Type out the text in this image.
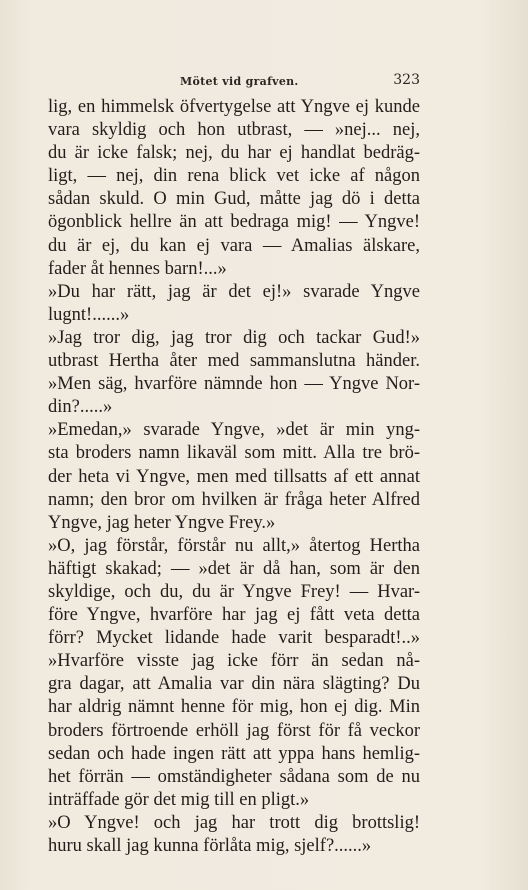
Mötet vid grafven.	323
lig, en himmelsk öfvertygelse att Yngve ej kunde
vara skyldig och hon utbrast, — »nej... nej,
du är icke falsk; nej, du har ej handlat bedräg-
ligt, — nej, din rena blick vet icke af någon
sådan skuld. O min Gud, måtte jag dö i detta
ögonblick hellre än att bedraga mig! — Yngve!
du är ej, du kan ej vara — Amalias älskare,
fader åt hennes barn!...»
»Du har rätt, jag är det ej!» svarade Yngve
lugnt!......»
»Jag tror dig, jag tror dig och tackar Gud!»
utbrast Hertha åter med sammanslutna händer.
»Men säg, hvarföre nämnde hon — Yngve Nor-
din?.....»
»Emedan,» svarade Yngve, »det är min yng-
sta broders namn likaväl som mitt. Alla tre brö-
der heta vi Yngve, men med tillsatts af ett annat
namn; den bror om hvilken är fråga heter Alfred
Yngve, jag heter Yngve Frey.»
»O, jag förstår, förstår nu allt,» återtog Hertha
häftigt skakad; — »det är då han, som är den
skyldige, och du, du är Yngve Frey! — Hvar-
före Yngve, hvarföre har jag ej fått veta detta
förr? Mycket lidande hade varit besparadt!..»
»Hvarföre visste jag icke förr än sedan nå-
gra dagar, att Amalia var din nära slägting? Du
har aldrig nämnt henne för mig, hon ej dig. Min
broders förtroende erhöll jag först för få veckor
sedan och hade ingen rätt att yppa hans hemlig-
het förrän — omständigheter sådana som de nu
inträffade gör det mig till en pligt.»
»O Yngve! och jag har trott dig brottslig!
huru skall jag kunna förlåta mig, sjelf?......»
